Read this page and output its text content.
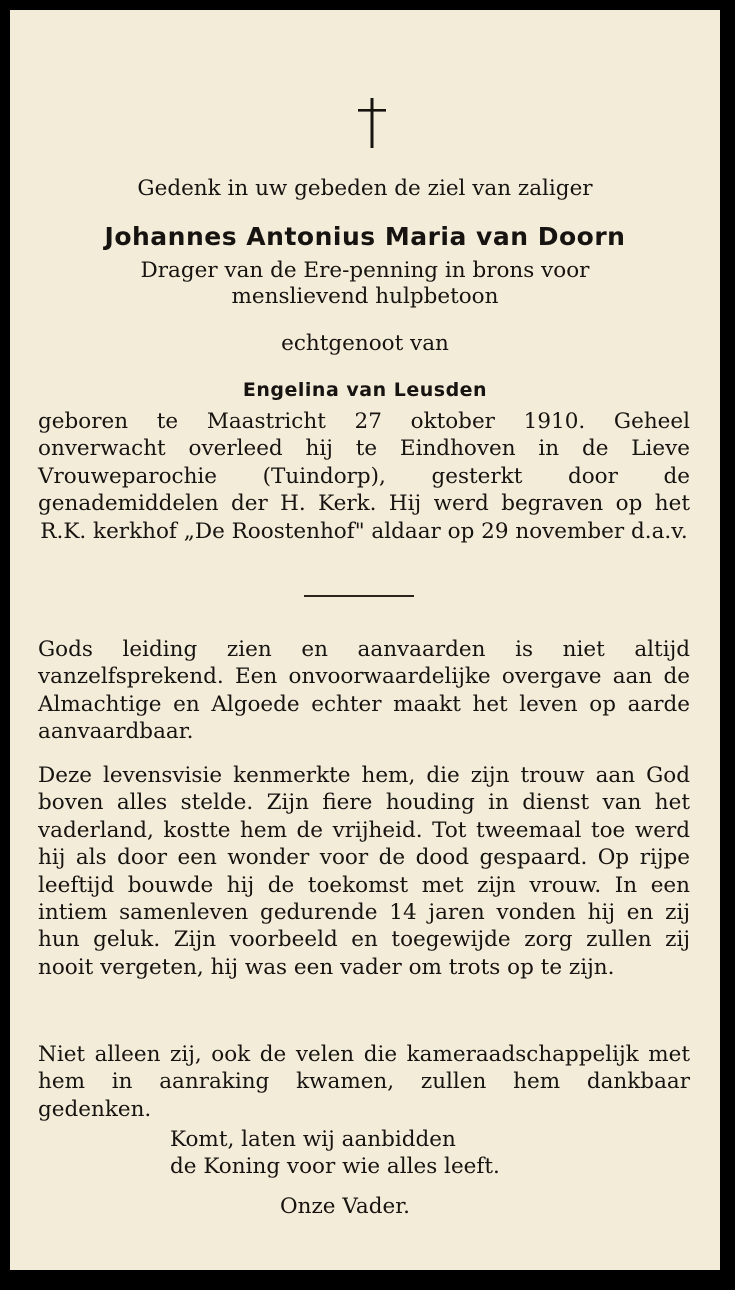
Gedenk in uw gebeden de ziel van zaliger
Johannes Antonius Maria van Doorn
Drager van de Ere-penning in brons voor
menslievend hulpbetoon
echtgenoot van
Engelina van Leusden
geboren te Maastricht 27 oktober 1910. Geheel onverwacht overleed hij te Eindhoven in de Lieve Vrouweparochie (Tuindorp), gesterkt door de genademiddelen der H. Kerk. Hij werd begraven op het R.K. kerkhof „De Roostenhof" aldaar op 29 november d.a.v.
Gods leiding zien en aanvaarden is niet altijd vanzelfsprekend. Een onvoorwaardelijke overgave aan de Almachtige en Algoede echter maakt het leven op aarde aanvaardbaar.
Deze levensvisie kenmerkte hem, die zijn trouw aan God boven alles stelde. Zijn fiere houding in dienst van het vaderland, kostte hem de vrijheid. Tot tweemaal toe werd hij als door een wonder voor de dood gespaard. Op rijpe leeftijd bouwde hij de toekomst met zijn vrouw. In een intiem samenleven gedurende 14 jaren vonden hij en zij hun geluk. Zijn voorbeeld en toegewijde zorg zullen zij nooit vergeten, hij was een vader om trots op te zijn.
Niet alleen zij, ook de velen die kameraadschappelijk met hem in aanraking kwamen, zullen hem dankbaar gedenken.
Komt, laten wij aanbidden
de Koning voor wie alles leeft.
Onze Vader.
